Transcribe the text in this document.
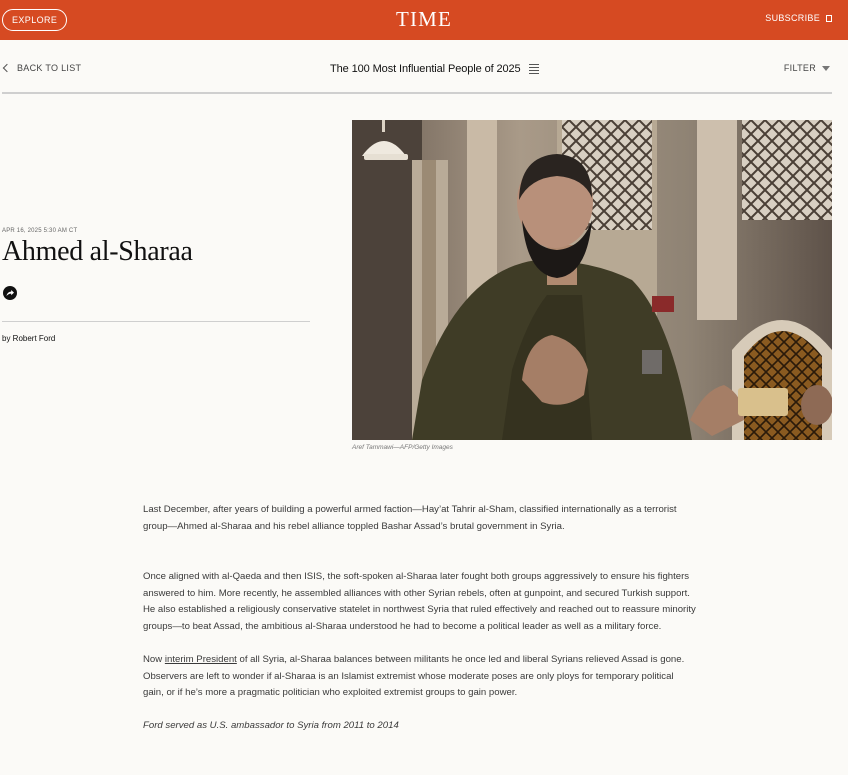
EXPLORE	TIME	SUBSCRIBE
BACK TO LIST	The 100 Most Influential People of 2025	FILTER
APR 16, 2025 5:30 AM CT
Ahmed al-Sharaa
by Robert Ford
Aref Tammawi—AFP/Getty Images

Last December, after years of building a powerful armed faction—Hay’at Tahrir al-Sham, classified internationally as a terrorist group—Ahmed al-Sharaa and his rebel alliance toppled Bashar Assad’s brutal government in Syria.

Once aligned with al-Qaeda and then ISIS, the soft-spoken al-Sharaa later fought both groups aggressively to ensure his fighters answered to him. More recently, he assembled alliances with other Syrian rebels, often at gunpoint, and secured Turkish support. He also established a religiously conservative statelet in northwest Syria that ruled effectively and reached out to reassure minority groups—to beat Assad, the ambitious al-Sharaa understood he had to become a political leader as well as a military force.

Now interim President of all Syria, al-Sharaa balances between militants he once led and liberal Syrians relieved Assad is gone. Observers are left to wonder if al-Sharaa is an Islamist extremist whose moderate poses are only ploys for temporary political gain, or if he’s more a pragmatic politician who exploited extremist groups to gain power.

Ford served as U.S. ambassador to Syria from 2011 to 2014
